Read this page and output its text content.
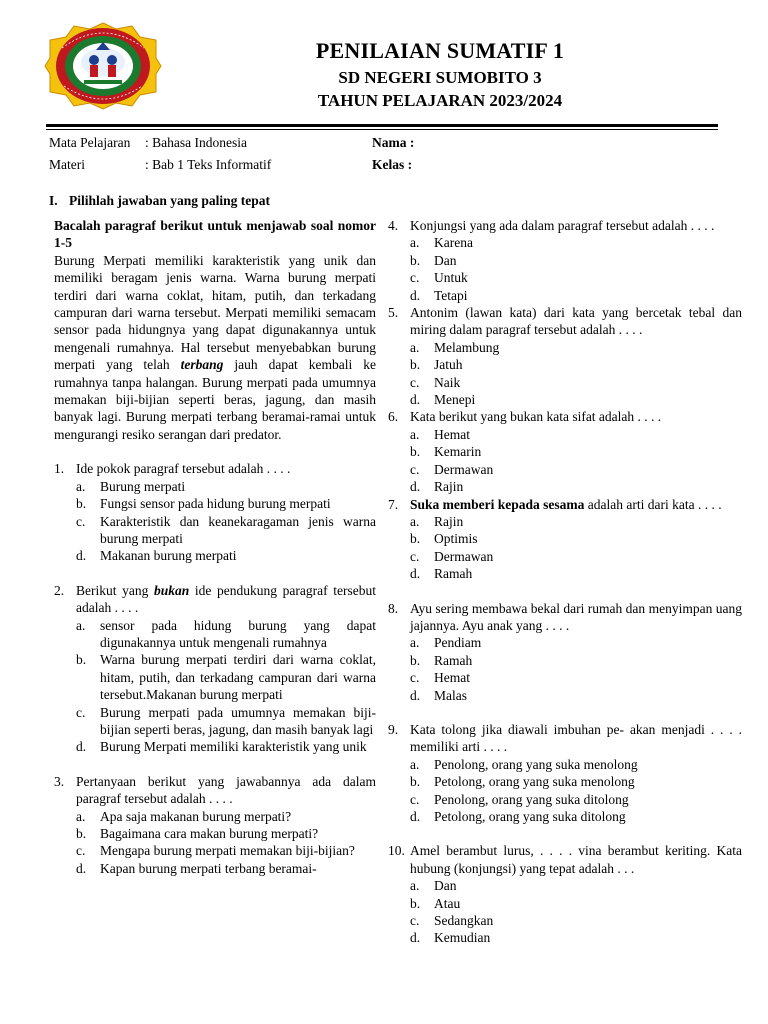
PENILAIAN SUMATIF 1
SD NEGERI SUMOBITO 3
TAHUN PELAJARAN 2023/2024
Mata Pelajaran : Bahasa Indonesia
Materi	: Bab 1 Teks Informatif
Nama :
Kelas :
I. Pilihlah jawaban yang paling tepat
Bacalah paragraf berikut untuk menjawab soal nomor 1-5
Burung Merpati memiliki karakteristik yang unik dan memiliki beragam jenis warna. Warna burung merpati terdiri dari warna coklat, hitam, putih, dan terkadang campuran dari warna tersebut. Merpati memiliki semacam sensor pada hidungnya yang dapat digunakannya untuk mengenali rumahnya. Hal tersebut menyebabkan burung merpati yang telah terbang jauh dapat kembali ke rumahnya tanpa halangan. Burung merpati pada umumnya memakan biji-bijian seperti beras, jagung, dan masih banyak lagi. Burung merpati terbang beramai-ramai untuk mengurangi resiko serangan dari predator.
1. Ide pokok paragraf tersebut adalah . . . .
a. Burung merpati
b. Fungsi sensor pada hidung burung merpati
c. Karakteristik dan keanekaragaman jenis warna burung merpati
d. Makanan burung merpati
2. Berikut yang bukan ide pendukung paragraf tersebut adalah . . . .
a. sensor pada hidung burung yang dapat digunakannya untuk mengenali rumahnya
b. Warna burung merpati terdiri dari warna coklat, hitam, putih, dan terkadang campuran dari warna tersebut.Makanan burung merpati
c. Burung merpati pada umumnya memakan biji-bijian seperti beras, jagung, dan masih banyak lagi
d. Burung Merpati memiliki karakteristik yang unik
3. Pertanyaan berikut yang jawabannya ada dalam paragraf tersebut adalah . . . .
a. Apa saja makanan burung merpati?
b. Bagaimana cara makan burung merpati?
c. Mengapa burung merpati memakan biji-bijian?
d. Kapan burung merpati terbang beramai-
4. Konjungsi yang ada dalam paragraf tersebut adalah . . . .
a. Karena
b. Dan
c. Untuk
d. Tetapi
5. Antonim (lawan kata) dari kata yang bercetak tebal dan miring dalam paragraf tersebut adalah . . . .
a. Melambung
b. Jatuh
c. Naik
d. Menepi
6. Kata berikut yang bukan kata sifat adalah . . . .
a. Hemat
b. Kemarin
c. Dermawan
d. Rajin
7. Suka memberi kepada sesama adalah arti dari kata . . . .
a. Rajin
b. Optimis
c. Dermawan
d. Ramah
8. Ayu sering membawa bekal dari rumah dan menyimpan uang jajannya. Ayu anak yang . . . .
a. Pendiam
b. Ramah
c. Hemat
d. Malas
9. Kata tolong jika diawali imbuhan pe- akan menjadi . . . . memiliki arti . . . .
a. Penolong, orang yang suka menolong
b. Petolong, orang yang suka menolong
c. Penolong, orang yang suka ditolong
d. Petolong, orang yang suka ditolong
10. Amel berambut lurus, . . . . vina berambut keriting. Kata hubung (konjungsi) yang tepat adalah . . .
a. Dan
b. Atau
c. Sedangkan
d. Kemudian
